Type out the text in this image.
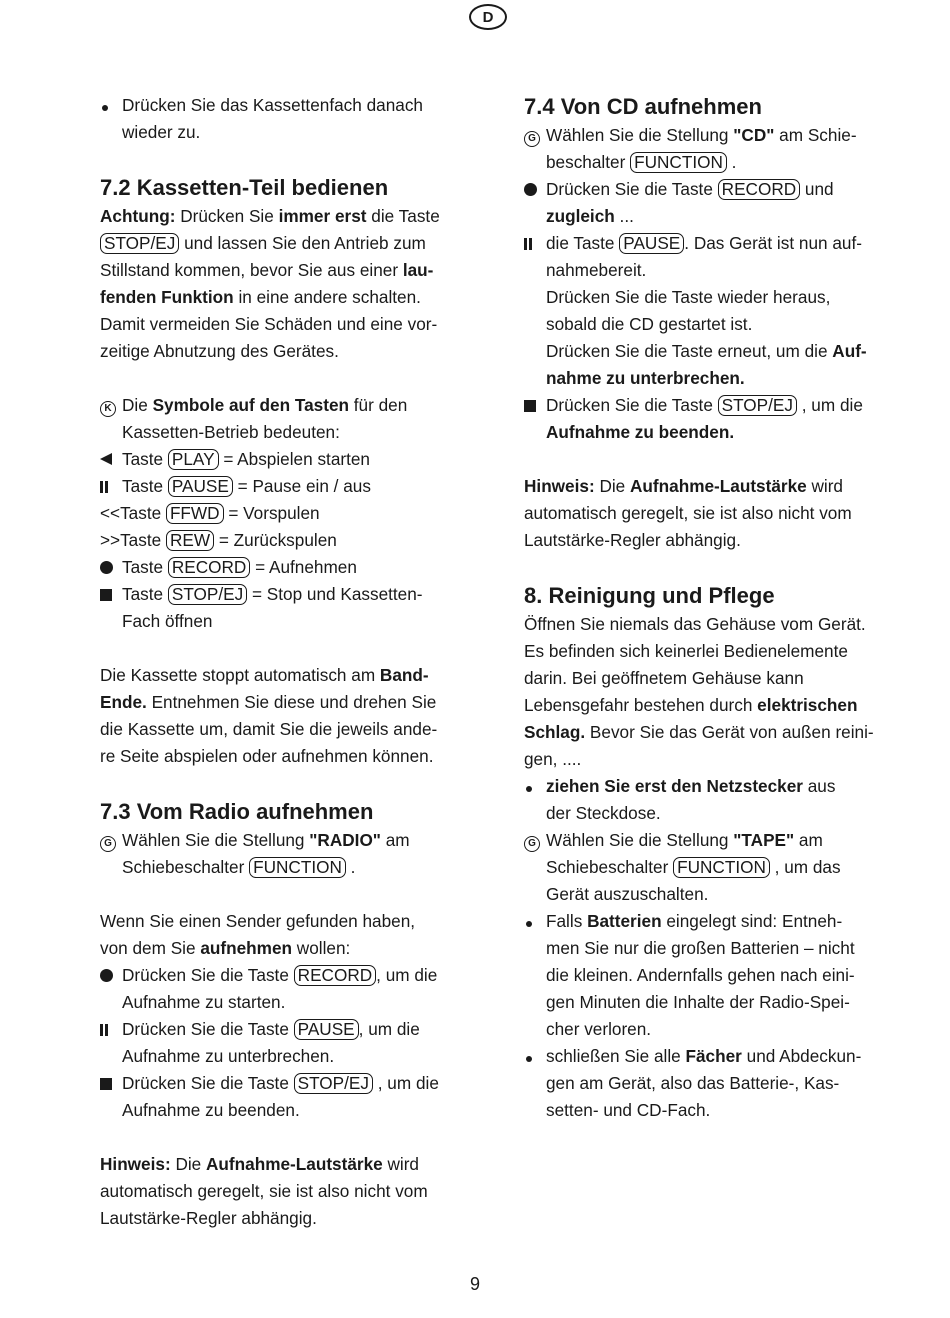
D
Drücken Sie das Kassettenfach danach
wieder zu.
7.2 Kassetten-Teil bedienen
Achtung: Drücken Sie immer erst die Taste
STOP/EJ und lassen Sie den Antrieb zum
Stillstand kommen, bevor Sie aus einer lau-
fenden Funktion in eine andere schalten.
Damit vermeiden Sie Schäden und eine vor-
zeitige Abnutzung des Gerätes.
K Die Symbole auf den Tasten für den
Kassetten-Betrieb bedeuten:
Taste PLAY = Abspielen starten
Taste PAUSE = Pause ein / aus
<<Taste FFWD = Vorspulen
>>Taste REW = Zurückspulen
Taste RECORD = Aufnehmen
Taste STOP/EJ = Stop und Kassetten-
Fach öffnen
Die Kassette stoppt automatisch am Band-
Ende. Entnehmen Sie diese und drehen Sie
die Kassette um, damit Sie die jeweils ande-
re Seite abspielen oder aufnehmen können.
7.3 Vom Radio aufnehmen
G Wählen Sie die Stellung "RADIO" am
Schiebeschalter FUNCTION .
Wenn Sie einen Sender gefunden haben,
von dem Sie aufnehmen wollen:
Drücken Sie die Taste RECORD , um die
Aufnahme zu starten.
Drücken Sie die Taste PAUSE , um die
Aufnahme zu unterbrechen.
Drücken Sie die Taste STOP/EJ , um die
Aufnahme zu beenden.
Hinweis: Die Aufnahme-Lautstärke wird
automatisch geregelt, sie ist also nicht vom
Lautstärke-Regler abhängig.
7.4 Von CD aufnehmen
G Wählen Sie die Stellung "CD" am Schie-
beschalter FUNCTION .
Drücken Sie die Taste RECORD und
zugleich ...
die Taste PAUSE . Das Gerät ist nun auf-
nahmebereit.
Drücken Sie die Taste wieder heraus,
sobald die CD gestartet ist.
Drücken Sie die Taste erneut, um die Auf-
nahme zu unterbrechen.
Drücken Sie die Taste STOP/EJ , um die
Aufnahme zu beenden.
Hinweis: Die Aufnahme-Lautstärke wird
automatisch geregelt, sie ist also nicht vom
Lautstärke-Regler abhängig.
8. Reinigung und Pflege
Öffnen Sie niemals das Gehäuse vom Gerät.
Es befinden sich keinerlei Bedienelemente
darin. Bei geöffnetem Gehäuse kann
Lebensgefahr bestehen durch elektrischen
Schlag. Bevor Sie das Gerät von außen reini-
gen, ....
ziehen Sie erst den Netzstecker aus
der Steckdose.
G Wählen Sie die Stellung "TAPE" am
Schiebeschalter FUNCTION , um das
Gerät auszuschalten.
Falls Batterien eingelegt sind: Entneh-
men Sie nur die großen Batterien – nicht
die kleinen. Andernfalls gehen nach eini-
gen Minuten die Inhalte der Radio-Spei-
cher verloren.
schließen Sie alle Fächer und Abdeckun-
gen am Gerät, also das Batterie-, Kas-
setten- und CD-Fach.
9
